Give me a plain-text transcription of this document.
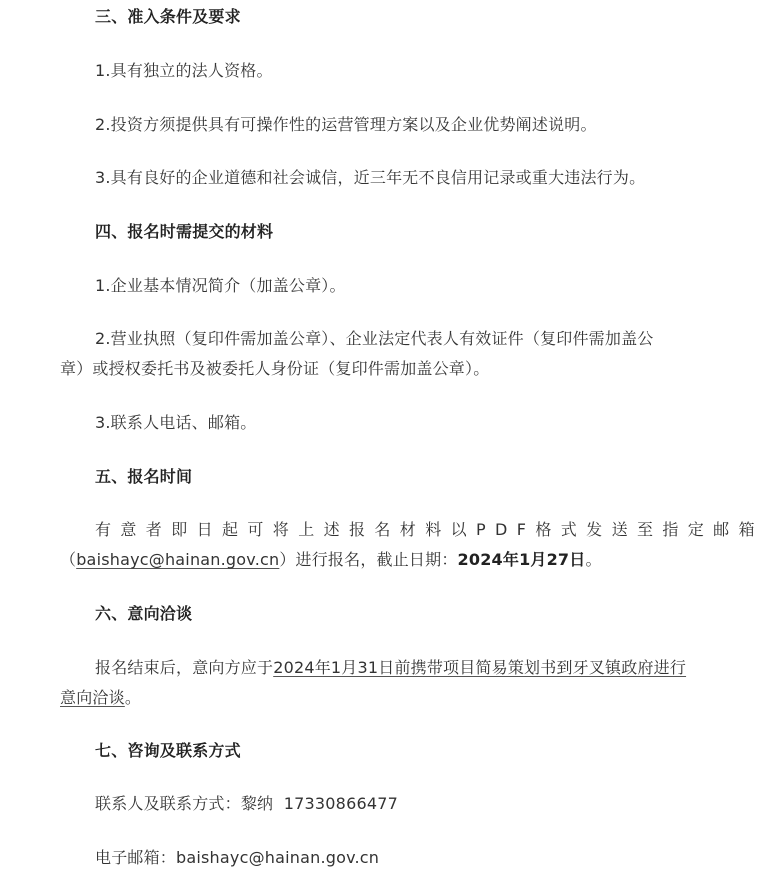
三、准入条件及要求
1.具有独立的法人资格。
2.投资方须提供具有可操作性的运营管理方案以及企业优势阐述说明。
3.具有良好的企业道德和社会诚信，近三年无不良信用记录或重大违法行为。
四、报名时需提交的材料
1.企业基本情况简介（加盖公章）。
2.营业执照（复印件需加盖公章）、企业法定代表人有效证件（复印件需加盖公
章）或授权委托书及被委托人身份证（复印件需加盖公章）。
3.联系人电话、邮箱。
五、报名时间
有意者即日起可将上述报名材料以PDF格式发送至指定邮箱
（baishayc@hainan.gov.cn）进行报名，截止日期：2024年1月27日。
六、意向洽谈
报名结束后，意向方应于2024年1月31日前携带项目简易策划书到牙叉镇政府进行
意向洽谈。
七、咨询及联系方式
联系人及联系方式：黎纳  17330866477
电子邮箱：baishayc@hainan.gov.cn
